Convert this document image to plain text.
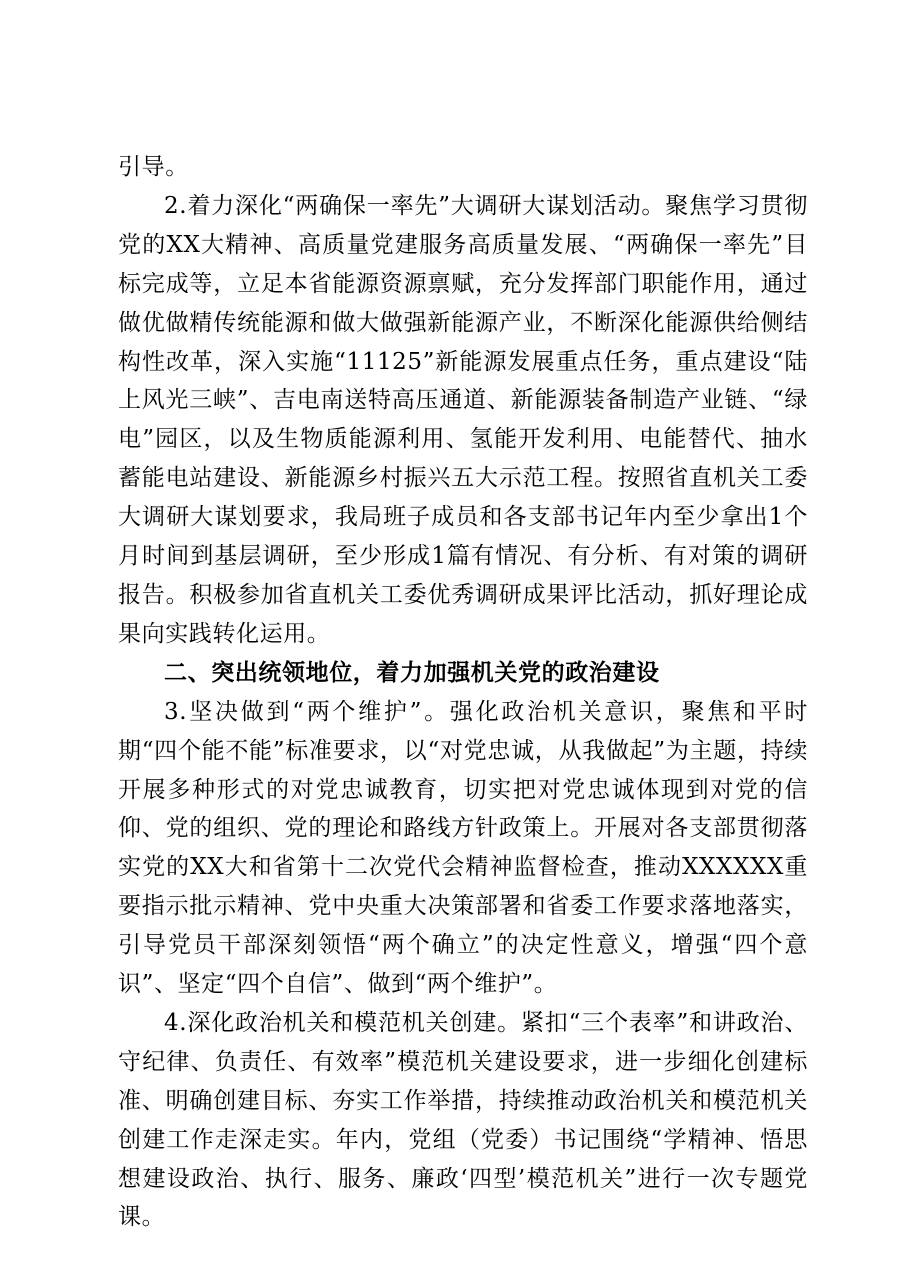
引导。

2.着力深化“两确保一率先”大调研大谋划活动。聚焦学习贯彻党的XX大精神、高质量党建服务高质量发展、“两确保一率先”目标完成等，立足本省能源资源禀赋，充分发挥部门职能作用，通过做优做精传统能源和做大做强新能源产业，不断深化能源供给侧结构性改革，深入实施“11125”新能源发展重点任务，重点建设“陆上风光三峡”、吉电南送特高压通道、新能源装备制造产业链、“绿电”园区，以及生物质能源利用、氢能开发利用、电能替代、抽水蓄能电站建设、新能源乡村振兴五大示范工程。按照省直机关工委大调研大谋划要求，我局班子成员和各支部书记年内至少拿出1个月时间到基层调研，至少形成1篇有情况、有分析、有对策的调研报告。积极参加省直机关工委优秀调研成果评比活动，抓好理论成果向实践转化运用。

二、突出统领地位，着力加强机关党的政治建设

3.坚决做到“两个维护”。强化政治机关意识，聚焦和平时期“四个能不能”标准要求，以“对党忠诚，从我做起”为主题，持续开展多种形式的对党忠诚教育，切实把对党忠诚体现到对党的信仰、党的组织、党的理论和路线方针政策上。开展对各支部贯彻落实党的XX大和省第十二次党代会精神监督检查，推动XXXXXX重要指示批示精神、党中央重大决策部署和省委工作要求落地落实，引导党员干部深刻领悟“两个确立”的决定性意义，增强“四个意识”、坚定“四个自信”、做到“两个维护”。

4.深化政治机关和模范机关创建。紧扣“三个表率”和讲政治、守纪律、负责任、有效率”模范机关建设要求，进一步细化创建标准、明确创建目标、夯实工作举措，持续推动政治机关和模范机关创建工作走深走实。年内，党组（党委）书记围绕“学精神、悟思想建设政治、执行、服务、廉政‘四型’模范机关”进行一次专题党课。
